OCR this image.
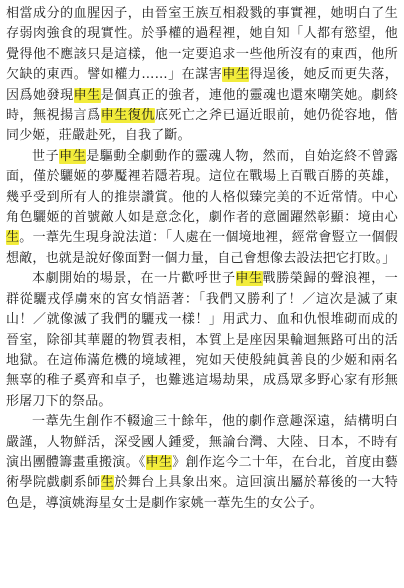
相當成分的血腥因子，由晉室王族互相殺戮的事實裡，她明白了生存弱肉強食的現實性。於爭權的過程裡，她自知「人都有慾望，他覺得他不應該只是這樣，他一定要追求一些他所沒有的東西，他所欠缺的東西。譬如權力……」在謀害申生得逞後，她反而更失落，因爲她發現申生是個真正的強者，連他的靈魂也還來嘲笑她。劇終時，無視揚言爲申生復仇底死亡之斧已逼近眼前，她仍從容地，偕同少姬，莊嚴赴死，自我了斷。

世子申生是驅動全劇動作的靈魂人物，然而，自始迄終不曾露面，僅於驪姬的夢魘裡若隱若現。這位在戰場上百戰百勝的英雄，幾乎受到所有人的推崇讚賞。他的人格似臻完美的不近常情。中心角色驪姬的首號敵人如是意念化，劇作者的意圖躍然彰顯：境由心生。一葦先生現身說法道：「人處在一個境地裡，經常會豎立一個假想敵，也就是說好像面對一個力量，自己會想像去設法把它打敗。」

本劇開始的場景，在一片歡呼世子申生戰勝榮歸的聲浪裡，一群從驪戎俘虜來的宮女悄語著：「我們又勝利了！／這次是滅了東山！／就像滅了我們的驪戎一樣！」用武力、血和仇恨堆砌而成的晉室，除卻其華麗的物質表相，本質上是座因果輪迴無路可出的活地獄。在這佈滿危機的境域裡，宛如天使般純眞善良的少姬和兩名無辜的稚子奚齊和卓子，也難逃這場劫果，成爲眾多野心家有形無形屠刀下的祭品。

一葦先生創作不輟逾三十餘年，他的劇作意趣深遠，結構明白嚴謹，人物鮮活，深受國人鍾愛，無論台灣、大陸、日本，不時有演出團體籌畫重搬演。《申生》創作迄今二十年，在台北，首度由藝術學院戲劇系師生於舞台上具象出來。這回演出屬於幕後的一大特色是，導演姚海星女士是劇作家姚一葦先生的女公子。
